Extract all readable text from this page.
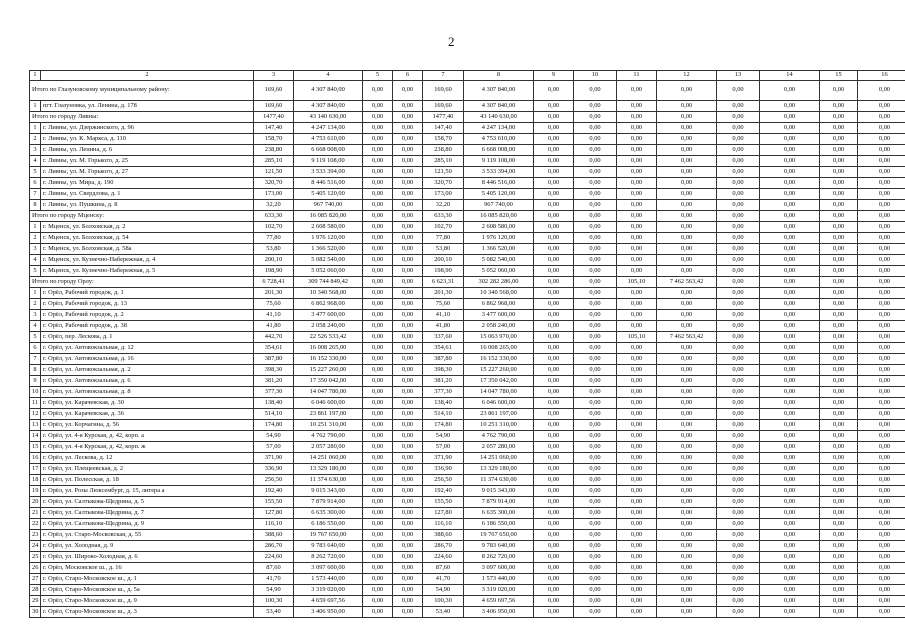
2
1	2	3	4	5	6	7	8	9	10	11	12	13	14	15	16
Итого по Глазуновскому муниципальному району:		169,60	4 307 840,00	0,00	0,00	169,60	4 307 840,00	0,00	0,00	0,00	0,00	0,00	0,00	0,00	0,00
1	пгт. Глазуновка, ул. Ленина, д. 178	169,60	4 307 840,00	0,00	0,00	169,60	4 307 840,00	0,00	0,00	0,00	0,00	0,00	0,00	0,00	0,00
Итого по городу Ливны:		1477,40	43 140 630,00	0,00	0,00	1477,40	43 140 630,00	0,00	0,00	0,00	0,00	0,00	0,00	0,00	0,00
1	г. Ливны, ул. Дзержинского, д. 96	147,40	4 247 134,00	0,00	0,00	147,40	4 247 134,00	0,00	0,00	0,00	0,00	0,00	0,00	0,00	0,00
2	г. Ливны, ул. К. Маркса, д. 110	158,70	4 753 610,00	0,00	0,00	158,70	4 753 610,00	0,00	0,00	0,00	0,00	0,00	0,00	0,00	0,00
3	г. Ливны, ул. Ленина, д. 6	238,80	6 668 008,00	0,00	0,00	238,80	6 668 008,00	0,00	0,00	0,00	0,00	0,00	0,00	0,00	0,00
4	г. Ливны, ул. М. Горького, д. 25	285,10	9 119 108,00	0,00	0,00	285,10	9 119 108,00	0,00	0,00	0,00	0,00	0,00	0,00	0,00	0,00
5	г. Ливны, ул. М. Горького, д. 27	121,50	3 533 394,00	0,00	0,00	121,50	3 533 394,00	0,00	0,00	0,00	0,00	0,00	0,00	0,00	0,00
6	г. Ливны, ул. Мира, д. 190	320,70	8 446 516,00	0,00	0,00	320,70	8 446 516,00	0,00	0,00	0,00	0,00	0,00	0,00	0,00	0,00
7	г. Ливны, ул. Свердлова, д. 1	173,00	5 405 120,00	0,00	0,00	173,00	5 405 120,00	0,00	0,00	0,00	0,00	0,00	0,00	0,00	0,00
8	г. Ливны, ул. Пушкина, д. 8	32,20	967 740,00	0,00	0,00	32,20	967 740,00	0,00	0,00	0,00	0,00	0,00	0,00	0,00	0,00
Итого по городу Мценску:		633,30	16 085 820,00	0,00	0,00	633,30	16 085 820,00	0,00	0,00	0,00	0,00	0,00	0,00	0,00	0,00
1	г. Мценск, ул. Болховская, д. 2	102,70	2 608 580,00	0,00	0,00	102,70	2 608 580,00	0,00	0,00	0,00	0,00	0,00	0,00	0,00	0,00
2	г. Мценск, ул. Болховская, д. 54	77,80	1 976 120,00	0,00	0,00	77,80	1 976 120,00	0,00	0,00	0,00	0,00	0,00	0,00	0,00	0,00
3	г. Мценск, ул. Болховская, д. 58а	53,80	1 366 520,00	0,00	0,00	53,80	1 366 520,00	0,00	0,00	0,00	0,00	0,00	0,00	0,00	0,00
4	г. Мценск, ул. Кузнечно-Набережная, д. 4	200,10	5 082 540,00	0,00	0,00	200,10	5 082 540,00	0,00	0,00	0,00	0,00	0,00	0,00	0,00	0,00
5	г. Мценск, ул. Кузнечно-Набережная, д. 5	198,90	5 052 060,00	0,00	0,00	198,90	5 052 060,00	0,00	0,00	0,00	0,00	0,00	0,00	0,00	0,00
Итого по городу Орлу:		6 728,41	309 744 849,42	0,00	0,00	6 623,31	302 282 286,00	0,00	0,00	105,10	7 462 563,42	0,00	0,00	0,00	0,00
1	г. Орёл, Рабочий городок, д. 1	201,30	10 340 568,00	0,00	0,00	201,30	10 340 568,00	0,00	0,00	0,00	0,00	0,00	0,00	0,00	0,00
2	г. Орёл, Рабочий городок, д. 13	75,60	6 862 968,00	0,00	0,00	75,60	6 862 968,00	0,00	0,00	0,00	0,00	0,00	0,00	0,00	0,00
3	г. Орёл, Рабочий городок, д. 2	41,10	3 477 600,00	0,00	0,00	41,10	3 477 600,00	0,00	0,00	0,00	0,00	0,00	0,00	0,00	0,00
4	г. Орёл, Рабочий городок, д. 38	41,80	2 058 240,00	0,00	0,00	41,80	2 058 240,00	0,00	0,00	0,00	0,00	0,00	0,00	0,00	0,00
5	г. Орёл, пер. Лескова, д. 1	442,70	22 526 533,42	0,00	0,00	337,60	15 063 970,00	0,00	0,00	105,10	7 462 563,42	0,00	0,00	0,00	0,00
6	г. Орёл, ул. Автовокзальная, д. 12	354,61	16 008 265,00	0,00	0,00	354,61	16 008 265,00	0,00	0,00	0,00	0,00	0,00	0,00	0,00	0,00
7	г. Орёл, ул. Автовокзальная, д. 16	387,80	16 152 330,00	0,00	0,00	387,80	16 152 330,00	0,00	0,00	0,00	0,00	0,00	0,00	0,00	0,00
8	г. Орёл, ул. Автовокзальная, д. 2	398,30	15 227 260,00	0,00	0,00	398,30	15 227 260,00	0,00	0,00	0,00	0,00	0,00	0,00	0,00	0,00
9	г. Орёл, ул. Автовокзальная, д. 6	381,20	17 350 042,00	0,00	0,00	381,20	17 350 042,00	0,00	0,00	0,00	0,00	0,00	0,00	0,00	0,00
10	г. Орёл, ул. Автовокзальная, д. 8	377,30	14 047 780,00	0,00	0,00	377,30	14 047 780,00	0,00	0,00	0,00	0,00	0,00	0,00	0,00	0,00
11	г. Орёл, ул. Карачевская, д. 30	138,40	6 046 600,00	0,00	0,00	138,40	6 046 600,00	0,00	0,00	0,00	0,00	0,00	0,00	0,00	0,00
12	г. Орёл, ул. Карачевская, д. 36	514,10	23 861 197,00	0,00	0,00	514,10	23 861 197,00	0,00	0,00	0,00	0,00	0,00	0,00	0,00	0,00
13	г. Орёл, ул. Корчагина, д. 56	174,80	10 251 310,00	0,00	0,00	174,80	10 251 310,00	0,00	0,00	0,00	0,00	0,00	0,00	0,00	0,00
14	г. Орёл, ул. 4-я Курская, д. 42, корп. а	54,90	4 762 790,00	0,00	0,00	54,90	4 762 790,00	0,00	0,00	0,00	0,00	0,00	0,00	0,00	0,00
15	г. Орёл, ул. 4-я Курская, д. 42, корп. ж	57,00	2 057 280,00	0,00	0,00	57,00	2 057 280,00	0,00	0,00	0,00	0,00	0,00	0,00	0,00	0,00
16	г. Орёл, ул. Лескова, д. 12	371,90	14 251 060,00	0,00	0,00	371,90	14 251 060,00	0,00	0,00	0,00	0,00	0,00	0,00	0,00	0,00
17	г. Орёл, ул. Плещеевская, д. 2	336,90	13 329 180,00	0,00	0,00	336,90	13 329 180,00	0,00	0,00	0,00	0,00	0,00	0,00	0,00	0,00
18	г. Орёл, ул. Полесская, д. 18	256,50	11 374 630,00	0,00	0,00	256,50	11 374 630,00	0,00	0,00	0,00	0,00	0,00	0,00	0,00	0,00
19	г. Орёл, ул. Розы Люксембург, д. 15, литера а	192,40	9 015 343,00	0,00	0,00	192,40	9 015 343,00	0,00	0,00	0,00	0,00	0,00	0,00	0,00	0,00
20	г. Орёл, ул. Салтыкова-Щедрина, д. 5	155,50	7 879 914,00	0,00	0,00	155,50	7 879 914,00	0,00	0,00	0,00	0,00	0,00	0,00	0,00	0,00
21	г. Орёл, ул. Салтыкова-Щедрина, д. 7	127,80	6 635 300,00	0,00	0,00	127,80	6 635 300,00	0,00	0,00	0,00	0,00	0,00	0,00	0,00	0,00
22	г. Орёл, ул. Салтыкова-Щедрина, д. 9	116,10	6 186 550,00	0,00	0,00	116,10	6 186 550,00	0,00	0,00	0,00	0,00	0,00	0,00	0,00	0,00
23	г. Орёл, ул. Старо-Московская, д. 55	388,60	19 767 650,00	0,00	0,00	388,60	19 767 650,00	0,00	0,00	0,00	0,00	0,00	0,00	0,00	0,00
24	г. Орёл, ул. Холодная, д. 9	286,70	9 783 640,00	0,00	0,00	286,70	9 783 640,00	0,00	0,00	0,00	0,00	0,00	0,00	0,00	0,00
25	г. Орёл, ул. Широко-Холодная, д. 6	224,60	8 262 720,00	0,00	0,00	224,60	8 262 720,00	0,00	0,00	0,00	0,00	0,00	0,00	0,00	0,00
26	г. Орёл, Московское ш., д. 16	87,60	3 097 600,00	0,00	0,00	87,60	3 097 600,00	0,00	0,00	0,00	0,00	0,00	0,00	0,00	0,00
27	г. Орёл, Старо-Московское ш., д. 1	41,70	1 573 440,00	0,00	0,00	41,70	1 573 440,00	0,00	0,00	0,00	0,00	0,00	0,00	0,00	0,00
28	г. Орёл, Старо-Московское ш., д. 5а	54,90	3 319 020,00	0,00	0,00	54,90	3 319 020,00	0,00	0,00	0,00	0,00	0,00	0,00	0,00	0,00
29	г. Орёл, Старо-Московское ш., д. 9	100,30	4 659 697,56	0,00	0,00	100,30	4 659 697,56	0,00	0,00	0,00	0,00	0,00	0,00	0,00	0,00
30	г. Орёл, Старо-Московское ш., д. 3	53,40	3 406 950,00	0,00	0,00	53,40	3 406 950,00	0,00	0,00	0,00	0,00	0,00	0,00	0,00	0,00
